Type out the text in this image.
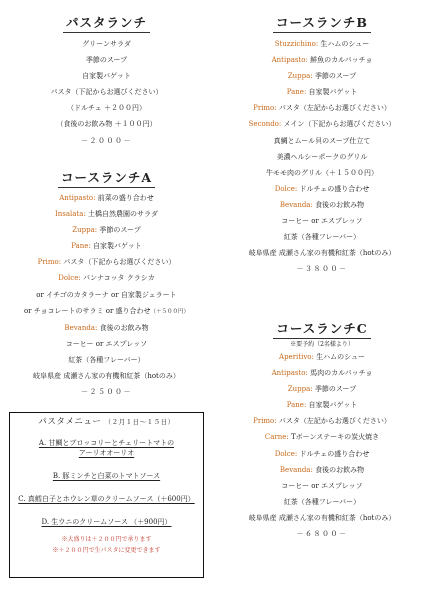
パスタランチ
グリーンサラダ
季節のスープ
自家製バゲット
パスタ（下記からお選びください）
（ドルチェ ＋２００円）
（食後のお飲み物 ＋１００円）
－２０００－
コースランチA
Antipasto: 前菜の盛り合わせ
Insalata: 土橋自然農園のサラダ
Zuppa: 季節のスープ
Pane: 自家製バゲット
Primo: パスタ（下記からお選びください）
Dolce: パンナコッタ クラシカ
or イチゴのカタラーナ or 自家製ジェラート
or チョコレートのサラミ or 盛り合わせ（＋５００円）
Bevanda: 食後のお飲み物
コーヒー or エスプレッソ
紅茶（各種フレーバー）
岐阜県産 成瀬さん家の有機和紅茶（hotのみ）
－２５００－
パスタメニュー （２月１日～１５日）
A. 甘鯛とブロッコリーとチェリートマトの
アーリオオーリオ
B. 豚ミンチと白菜のトマトソース
C. 真鱈白子とホウレン草のクリームソース（＋600円）
D. 生ウニのクリームソース （＋900円）
※大盛りは＋２００円で承ります
※＋２００円で生パスタに変更できます
コースランチB
Stuzzichino: 生ハムのシュー
Antipasto: 鮮魚のカルパッチョ
Zuppa: 季節のスープ
Pane: 自家製バゲット
Primo: パスタ（左記からお選びください）
Secondo: メイン（下記からお選びください）
真鯛とムール貝のスープ仕立て
美濃ヘルシーポークのグリル
牛モモ肉のグリル（＋１５００円）
Dolce: ドルチェの盛り合わせ
Bevanda: 食後のお飲み物
コーヒー or エスプレッソ
紅茶（各種フレーバー）
岐阜県産 成瀬さん家の有機和紅茶（hotのみ）
－３８００－
コースランチC
※要予約（2名様より）
Aperitivo: 生ハムのシュー
Antipasto: 馬肉のカルパッチョ
Zuppa: 季節のスープ
Pane: 自家製バゲット
Primo: パスタ（左記からお選びください）
Carne: Tボーンステーキの炭火焼き
Dolce: ドルチェの盛り合わせ
Bevanda: 食後のお飲み物
コーヒー or エスプレッソ
紅茶（各種フレーバー）
岐阜県産 成瀬さん家の有機和紅茶（hotのみ）
－６８００－
